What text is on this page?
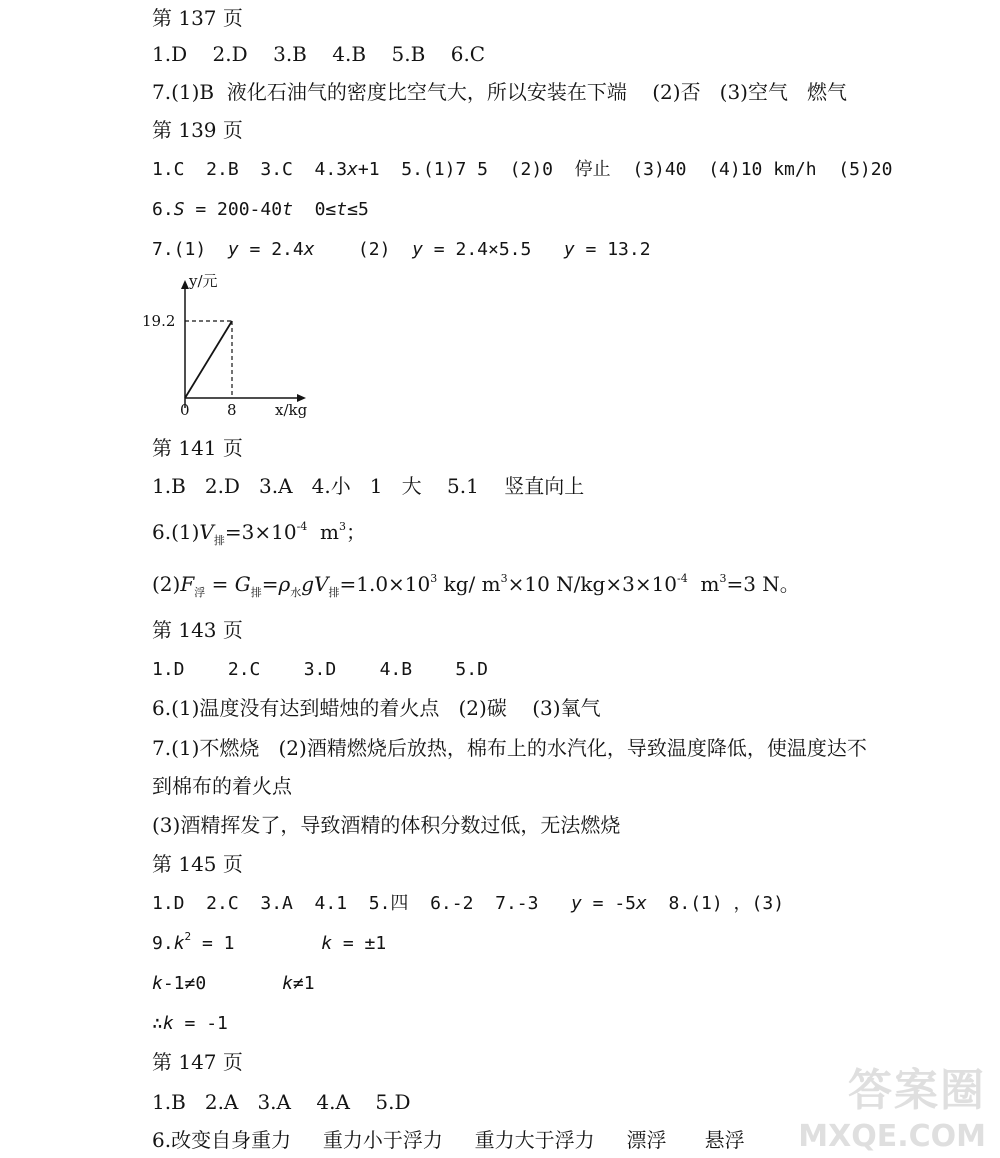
第 137 页
1.D    2.D    3.B    4.B    5.B    6.C
7.(1)B  液化石油气的密度比空气大，所以安装在下端    (2)否   (3)空气   燃气
第 139 页
1.C  2.B  3.C  4.3x+1  5.(1)7 5  (2)0  停止  (3)40  (4)10 km/h  (5)20
6.S = 200-40t  0≤t≤5
7.(1)  y = 2.4x    (2)  y = 2.4×5.5   y = 13.2
y/元
19.2
0 8	x/kg
第 141 页
1.B   2.D   3.A   4.小   1   大    5.1    竖直向上
$6.(1)V_排=3\times 10^{-4}$  $m^3$；
$(2)F_浮 = G_排=\rho_水gV_排=1.0\times 10^3$ kg/ $m^3\times 10$ $N/kg\times 3\times 10^{-4}$  $m^3=3$ N。
第 143 页
1.D    2.C    3.D    4.B    5.D
6.(1)温度没有达到蜡烛的着火点   (2)碳    (3)氧气
7.(1)不燃烧   (2)酒精燃烧后放热，棉布上的水汽化，导致温度降低，使温度达不
到棉布的着火点
(3)酒精挥发了，导致酒精的体积分数过低，无法燃烧
第 145 页
1.D  2.C  3.A  4.1  5.四  6.-2  7.-3   y = -5x  8.(1) ，(3)
$9.k^2 = 1$        k = ±1
k-1≠0       k≠1
∴k = -1
第 147 页
1.B   2.A   3.A    4.A    5.D
6.改变自身重力     重力小于浮力     重力大于浮力     漂浮      悬浮
答案圈
MXQE.COM
